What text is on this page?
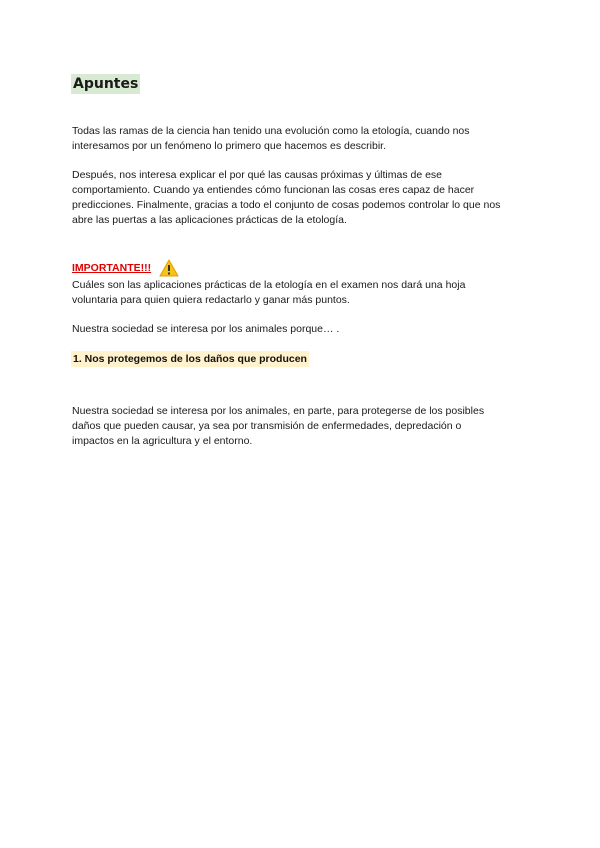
Apuntes
Todas las ramas de la ciencia han tenido una evolución como la etología, cuando nos
interesamos por un fenómeno lo primero que hacemos es describir.
Después, nos interesa explicar el por qué las causas próximas y últimas de ese
comportamiento. Cuando ya entiendes cómo funcionan las cosas eres capaz de hacer
predicciones. Finalmente, gracias a todo el conjunto de cosas podemos controlar lo que nos
abre las puertas a las aplicaciones prácticas de la etología.
IMPORTANTE!!!
Cuáles son las aplicaciones prácticas de la etología en el examen nos dará una hoja
voluntaria para quien quiera redactarlo y ganar más puntos.
Nuestra sociedad se interesa por los animales porque… .
1. Nos protegemos de los daños que producen
Nuestra sociedad se interesa por los animales, en parte, para protegerse de los posibles
daños que pueden causar, ya sea por transmisión de enfermedades, depredación o
impactos en la agricultura y el entorno.
